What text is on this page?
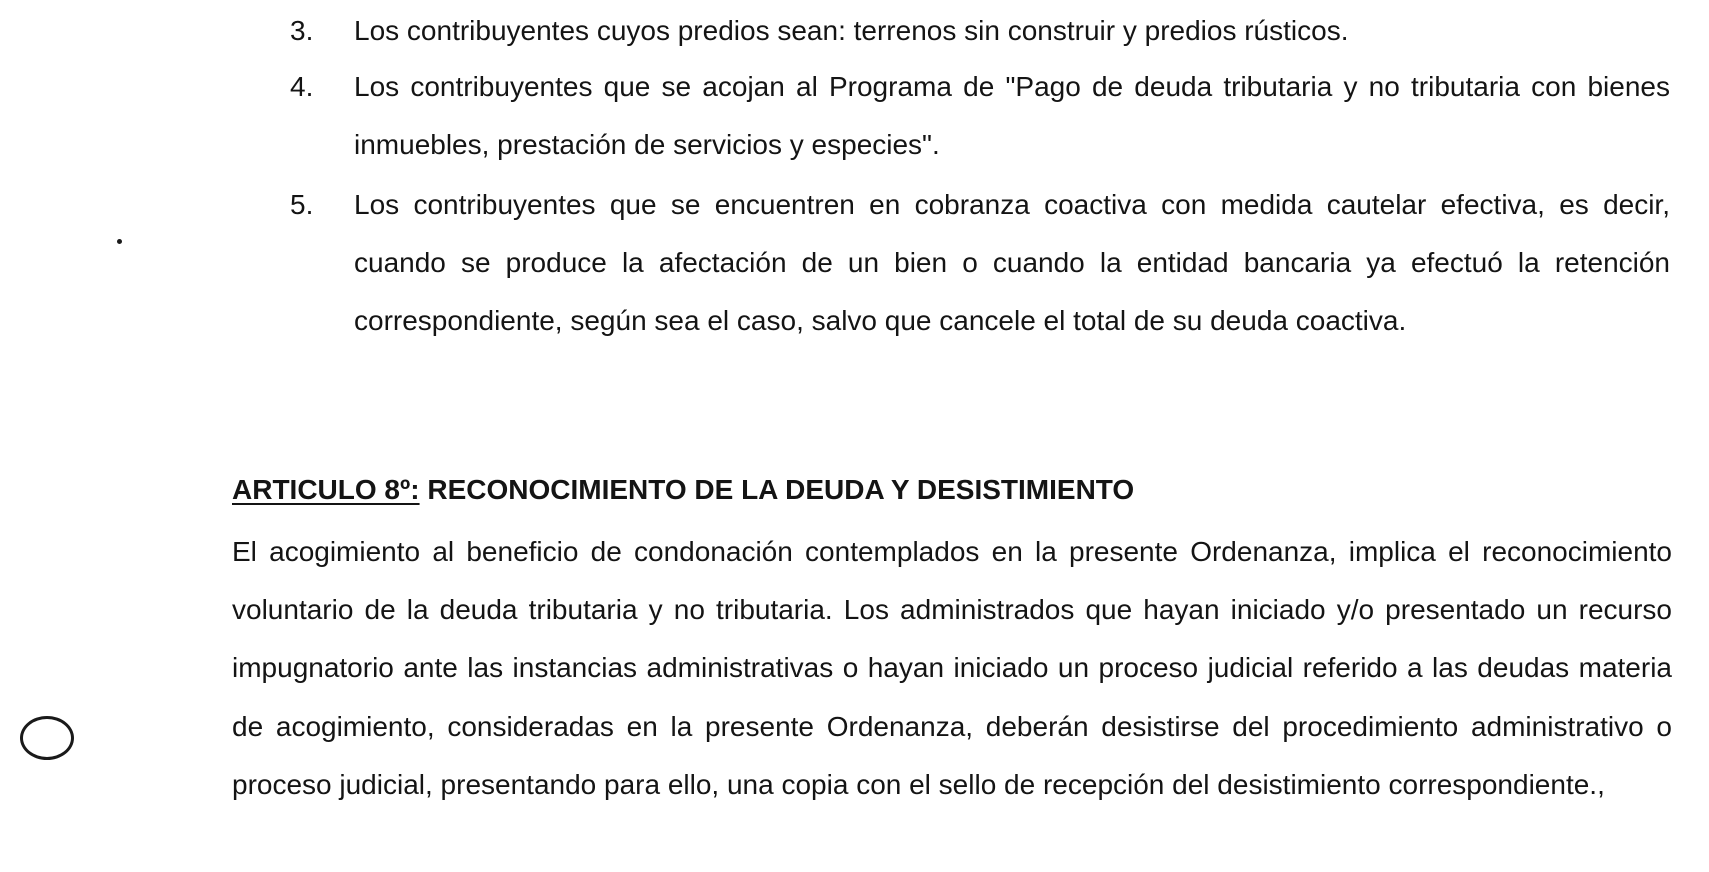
3.	Los contribuyentes cuyos predios sean: terrenos sin construir y predios rústicos.
4.	Los contribuyentes que se acojan al Programa de "Pago de deuda tributaria y no tributaria con bienes inmuebles, prestación de servicios y especies".
5.	Los contribuyentes que se encuentren en cobranza coactiva con medida cautelar efectiva, es decir, cuando se produce la afectación de un bien o cuando la entidad bancaria ya efectuó la retención correspondiente, según sea el caso, salvo que cancele el total de su deuda coactiva.
ARTICULO 8º: RECONOCIMIENTO DE LA DEUDA Y DESISTIMIENTO
El acogimiento al beneficio de condonación contemplados en la presente Ordenanza, implica el reconocimiento voluntario de la deuda tributaria y no tributaria. Los administrados que hayan iniciado y/o presentado un recurso impugnatorio ante las instancias administrativas o hayan iniciado un proceso judicial referido a las deudas materia de acogimiento, consideradas en la presente Ordenanza, deberán desistirse del procedimiento administrativo o proceso judicial, presentando para ello, una copia con el sello de recepción del desistimiento correspondiente.,
